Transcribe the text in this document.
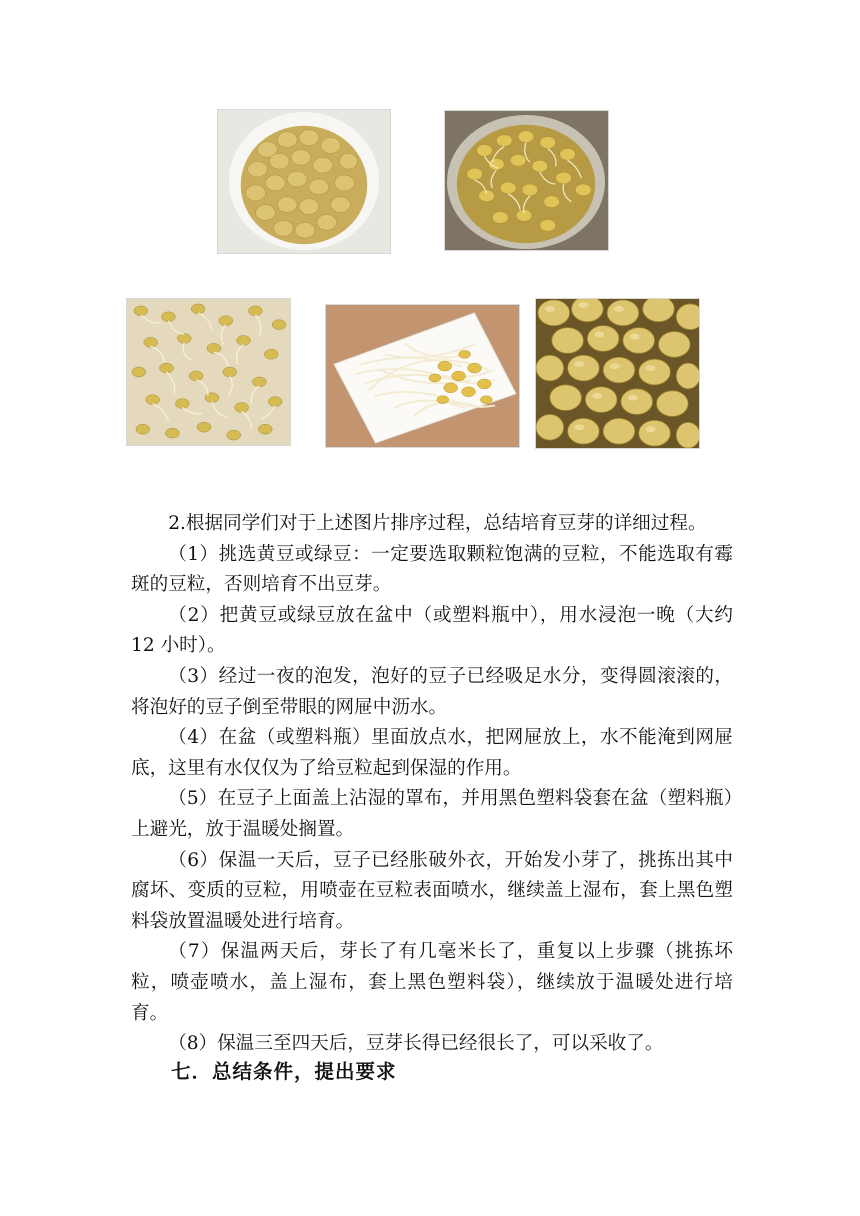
2.根据同学们对于上述图片排序过程，总结培育豆芽的详细过程。

（1）挑选黄豆或绿豆：一定要选取颗粒饱满的豆粒，不能选取有霉斑的豆粒，否则培育不出豆芽。

（2）把黄豆或绿豆放在盆中（或塑料瓶中），用水浸泡一晚（大约 12 小时）。

（3）经过一夜的泡发，泡好的豆子已经吸足水分，变得圆滚滚的，将泡好的豆子倒至带眼的网屉中沥水。

（4）在盆（或塑料瓶）里面放点水，把网屉放上，水不能淹到网屉底，这里有水仅仅为了给豆粒起到保湿的作用。

（5）在豆子上面盖上沾湿的罩布，并用黑色塑料袋套在盆（塑料瓶）上避光，放于温暖处搁置。

（6）保温一天后，豆子已经胀破外衣，开始发小芽了，挑拣出其中腐坏、变质的豆粒，用喷壶在豆粒表面喷水，继续盖上湿布，套上黑色塑料袋放置温暖处进行培育。

（7）保温两天后，芽长了有几毫米长了，重复以上步骤（挑拣坏粒，喷壶喷水，盖上湿布，套上黑色塑料袋），继续放于温暖处进行培育。

（8）保温三至四天后，豆芽长得已经很长了，可以采收了。

七．总结条件，提出要求
